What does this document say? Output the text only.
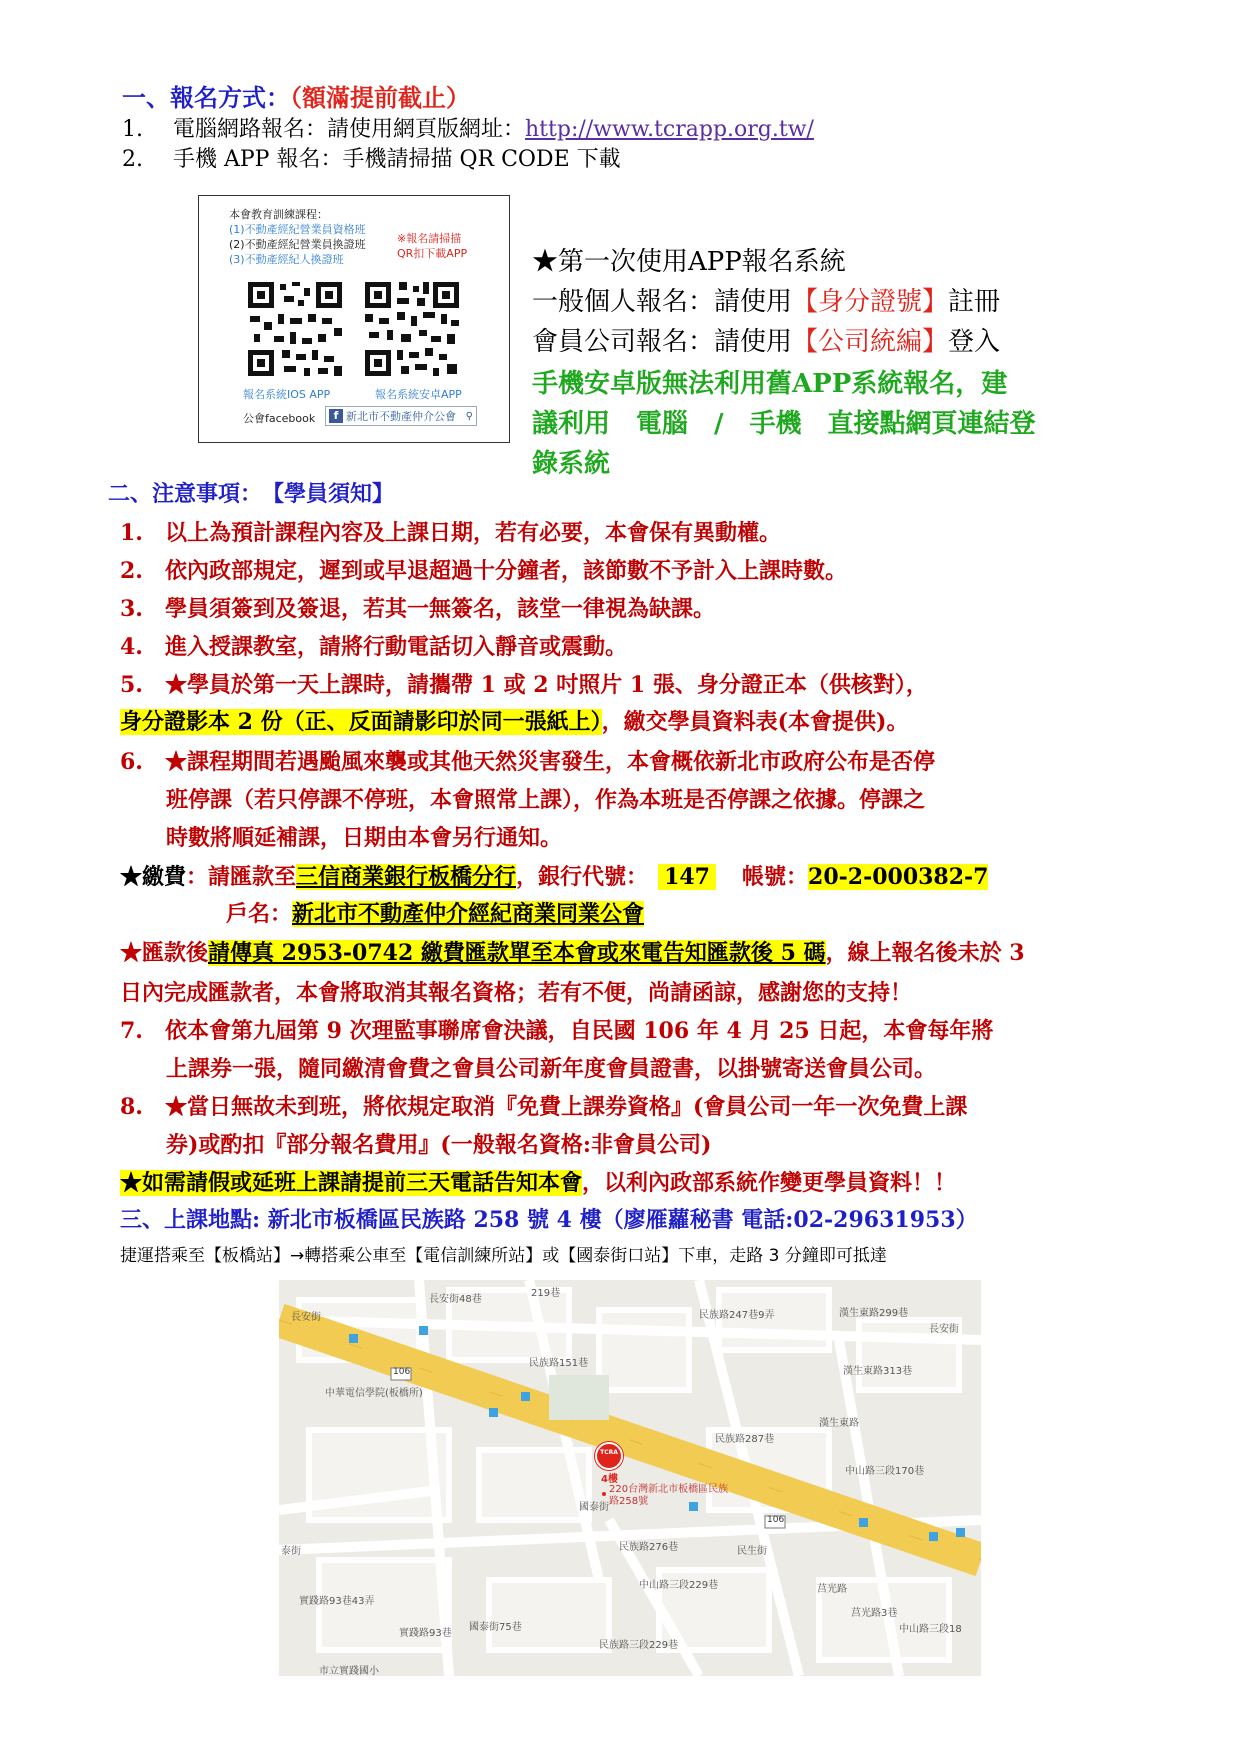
一、報名方式：（額滿提前截止）
1. 電腦網路報名：請使用網頁版網址：http://www.tcrapp.org.tw/
2. 手機 APP 報名：手機請掃描 QR CODE 下載
本會教育訓練課程：
(1)不動產經紀營業員資格班
(2)不動產經紀營業員換證班
(3)不動產經紀人換證班
※報名請掃描
QR扣下載APP
報名系統IOS APP	報名系統安卓APP
公會facebook	f 新北市不動產仲介公會 ⚲
★第一次使用APP報名系統
一般個人報名：請使用【身分證號】註冊
會員公司報名：請使用【公司統編】登入
手機安卓版無法利用舊APP系統報名，建
議利用　電腦　/　手機　直接點網頁連結登
錄系統
二、注意事項：　【學員須知】
1.　以上為預計課程內容及上課日期，若有必要，本會保有異動權。
2.　依內政部規定，遲到或早退超過十分鐘者，該節數不予計入上課時數。
3.　學員須簽到及簽退，若其一無簽名，該堂一律視為缺課。
4.　進入授課教室，請將行動電話切入靜音或震動。
5.　★學員於第一天上課時，請攜帶 1 或 2 吋照片 1 張、身分證正本（供核對），
身分證影本 2 份（正、反面請影印於同一張紙上），繳交學員資料表(本會提供)。
6.　★課程期間若遇颱風來襲或其他天然災害發生，本會概依新北市政府公布是否停
班停課（若只停課不停班，本會照常上課），作為本班是否停課之依據。停課之
時數將順延補課，日期由本會另行通知。
★繳費：請匯款至三信商業銀行板橋分行，銀行代號： 147 帳號：20-2-000382-7
戶名：新北市不動產仲介經紀商業同業公會
★匯款後請傳真 2953-0742 繳費匯款單至本會或來電告知匯款後 5 碼，線上報名後未於 3
日內完成匯款者，本會將取消其報名資格；若有不便，尚請函諒，感謝您的支持！
7.　依本會第九屆第 9 次理監事聯席會決議，自民國 106 年 4 月 25 日起，本會每年將
上課券一張，隨同繳清會費之會員公司新年度會員證書，以掛號寄送會員公司。
8.　★當日無故未到班，將依規定取消『免費上課券資格』(會員公司一年一次免費上課
券)或酌扣『部分報名費用』(一般報名資格:非會員公司)
★如需請假或延班上課請提前三天電話告知本會，以利內政部系統作變更學員資料！！
三、上課地點: 新北市板橋區民族路 258 號 4 樓（廖雁蘿秘書 電話:02-29631953）
捷運搭乘至【板橋站】→轉搭乘公車至【電信訓練所站】或【國泰街口站】下車，走路 3 分鐘即可抵達
106
106
長安街
長安街48巷
219巷
民族路247巷9弄	漢生東路299巷
漢生東路313巷
長安街
民族路151巷
中華電信學院(板橋所)
漢生東路
民族路287巷
中山路三段170巷
國泰街
民族路276巷	民生街
泰街
中山路三段229巷	莒光路
莒光路3巷
中山路三段18
實踐路93巷43弄
實踐路93巷
國泰街75巷
民族路三段229巷
市立實踐國小
TCRA
4樓
220台灣新北市板橋區民族路258號
